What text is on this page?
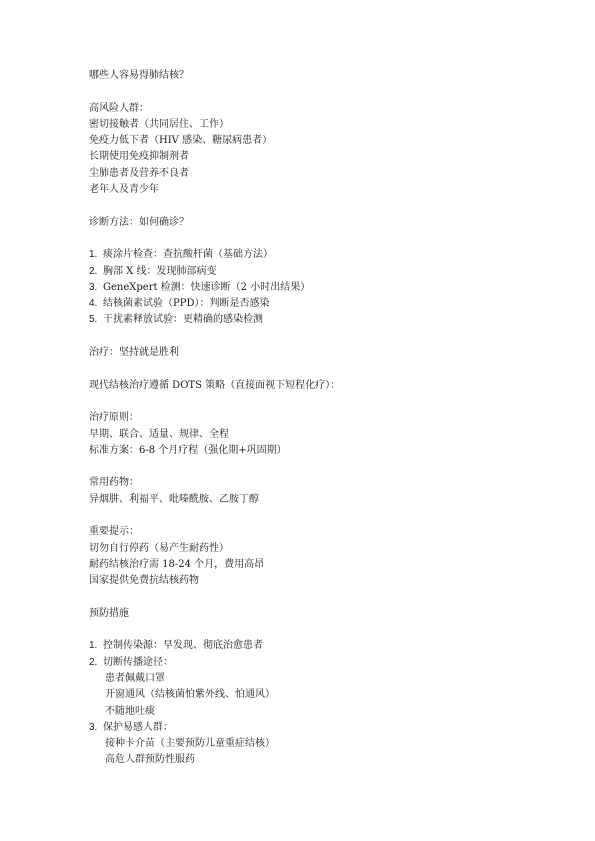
哪些人容易得肺结核？
高风险人群：
密切接触者（共同居住、工作）
免疫力低下者（HIV 感染、糖尿病患者）
长期使用免疫抑制剂者
尘肺患者及营养不良者
老年人及青少年
诊断方法：如何确诊？
1. 痰涂片检查：查抗酸杆菌（基础方法）
2. 胸部 X 线：发现肺部病变
3. GeneXpert 检测：快速诊断（2 小时出结果）
4. 结核菌素试验（PPD）：判断是否感染
5. 干扰素释放试验：更精确的感染检测
治疗：坚持就是胜利
现代结核治疗遵循 DOTS 策略（直接面视下短程化疗）：
治疗原则：
早期、联合、适量、规律、全程
标准方案：6-8 个月疗程（强化期+巩固期）
常用药物：
异烟肼、利福平、吡嗪酰胺、乙胺丁醇
重要提示：
切勿自行停药（易产生耐药性）
耐药结核治疗需 18-24 个月，费用高昂
国家提供免费抗结核药物
预防措施
1. 控制传染源：早发现、彻底治愈患者
2. 切断传播途径：
患者佩戴口罩
开窗通风（结核菌怕紫外线、怕通风）
不随地吐痰
3. 保护易感人群：
接种卡介苗（主要预防儿童重症结核）
高危人群预防性服药
